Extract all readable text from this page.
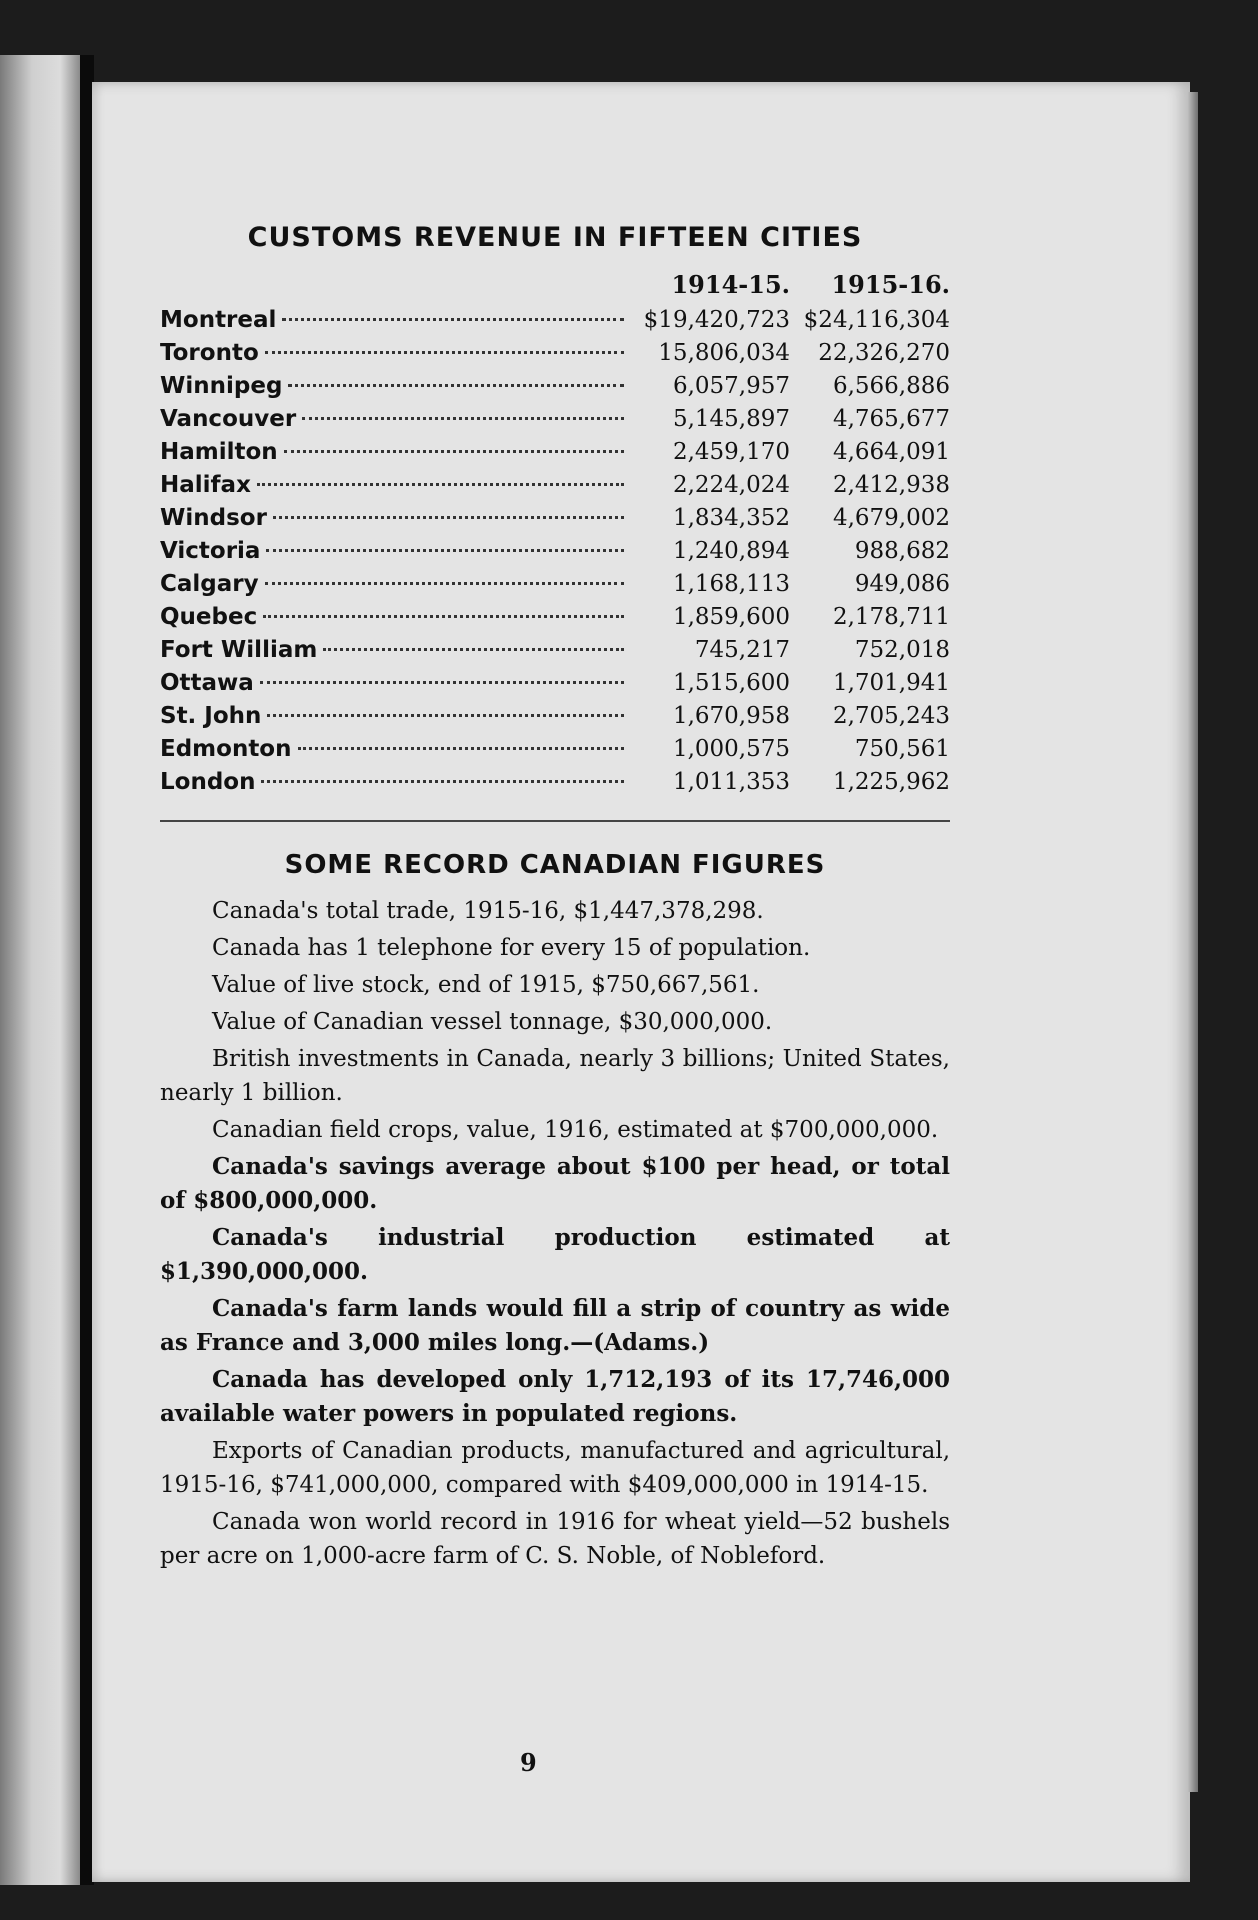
CUSTOMS REVENUE IN FIFTEEN CITIES
	1914-15.	1915-16.

Montreal	$19,420,723	$24,116,304

Toronto	15,806,034	22,326,270

Winnipeg	6,057,957	6,566,886

Vancouver	5,145,897	4,765,677

Hamilton	2,459,170	4,664,091

Halifax	2,224,024	2,412,938

Windsor	1,834,352	4,679,002

Victoria	1,240,894	988,682

Calgary	1,168,113	949,086

Quebec	1,859,600	2,178,711

Fort William	745,217	752,018

Ottawa	1,515,600	1,701,941

St. John	1,670,958	2,705,243

Edmonton	1,000,575	750,561

London	1,011,353	1,225,962
SOME RECORD CANADIAN FIGURES

Canada's total trade, 1915-16, $1,447,378,298.

Canada has 1 telephone for every 15 of population.

Value of live stock, end of 1915, $750,667,561.

Value of Canadian vessel tonnage, $30,000,000.

British investments in Canada, nearly 3 billions; United States, nearly 1 billion.

Canadian field crops, value, 1916, estimated at $700,000,000.

Canada's savings average about $100 per head, or total of $800,000,000.

Canada's industrial production estimated at $1,390,000,000.

Canada's farm lands would fill a strip of country as wide as France and 3,000 miles long.—(Adams.)

Canada has developed only 1,712,193 of its 17,746,000 available water powers in populated regions.

Exports of Canadian products, manufactured and agricultural, 1915-16, $741,000,000, compared with $409,000,000 in 1914-15.

Canada won world record in 1916 for wheat yield—52 bushels per acre on 1,000-acre farm of C. S. Noble, of Nobleford.

9
